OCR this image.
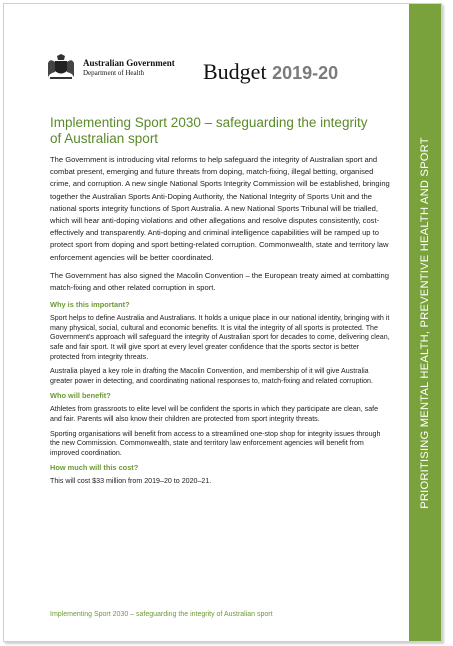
Australian Government
Department of Health	Budget 2019-20
Implementing Sport 2030 – safeguarding the integrity of Australian sport

The Government is introducing vital reforms to help safeguard the integrity of Australian sport and combat present, emerging and future threats from doping, match-fixing, illegal betting, organised crime, and corruption. A new single National Sports Integrity Commission will be established, bringing together the Australian Sports Anti-Doping Authority, the National Integrity of Sports Unit and the national sports integrity functions of Sport Australia. A new National Sports Tribunal will be trialled, which will hear anti-doping violations and other allegations and resolve disputes consistently, cost-effectively and transparently. Anti-doping and criminal intelligence capabilities will be ramped up to protect sport from doping and sport betting-related corruption. Commonwealth, state and territory law enforcement agencies will be better coordinated.

The Government has also signed the Macolin Convention – the European treaty aimed at combatting match-fixing and other related corruption in sport.

Why is this important?

Sport helps to define Australia and Australians. It holds a unique place in our national identity, bringing with it many physical, social, cultural and economic benefits. It is vital the integrity of all sports is protected. The Government's approach will safeguard the integrity of Australian sport for decades to come, delivering clean, safe and fair sport. It will give sport at every level greater confidence that the sports sector is better protected from integrity threats.

Australia played a key role in drafting the Macolin Convention, and membership of it will give Australia greater power in detecting, and coordinating national responses to, match-fixing and related corruption.

Who will benefit?

Athletes from grassroots to elite level will be confident the sports in which they participate are clean, safe and fair. Parents will also know their children are protected from sport integrity threats.

Sporting organisations will benefit from access to a streamlined one-stop shop for integrity issues through the new Commission. Commonwealth, state and territory law enforcement agencies will benefit from improved coordination.

How much will this cost?

This will cost $33 million from 2019–20 to 2020–21.

Implementing Sport 2030 – safeguarding the integrity of Australian sport
PRIORITISING MENTAL HEALTH, PREVENTIVE HEALTH AND SPORT
